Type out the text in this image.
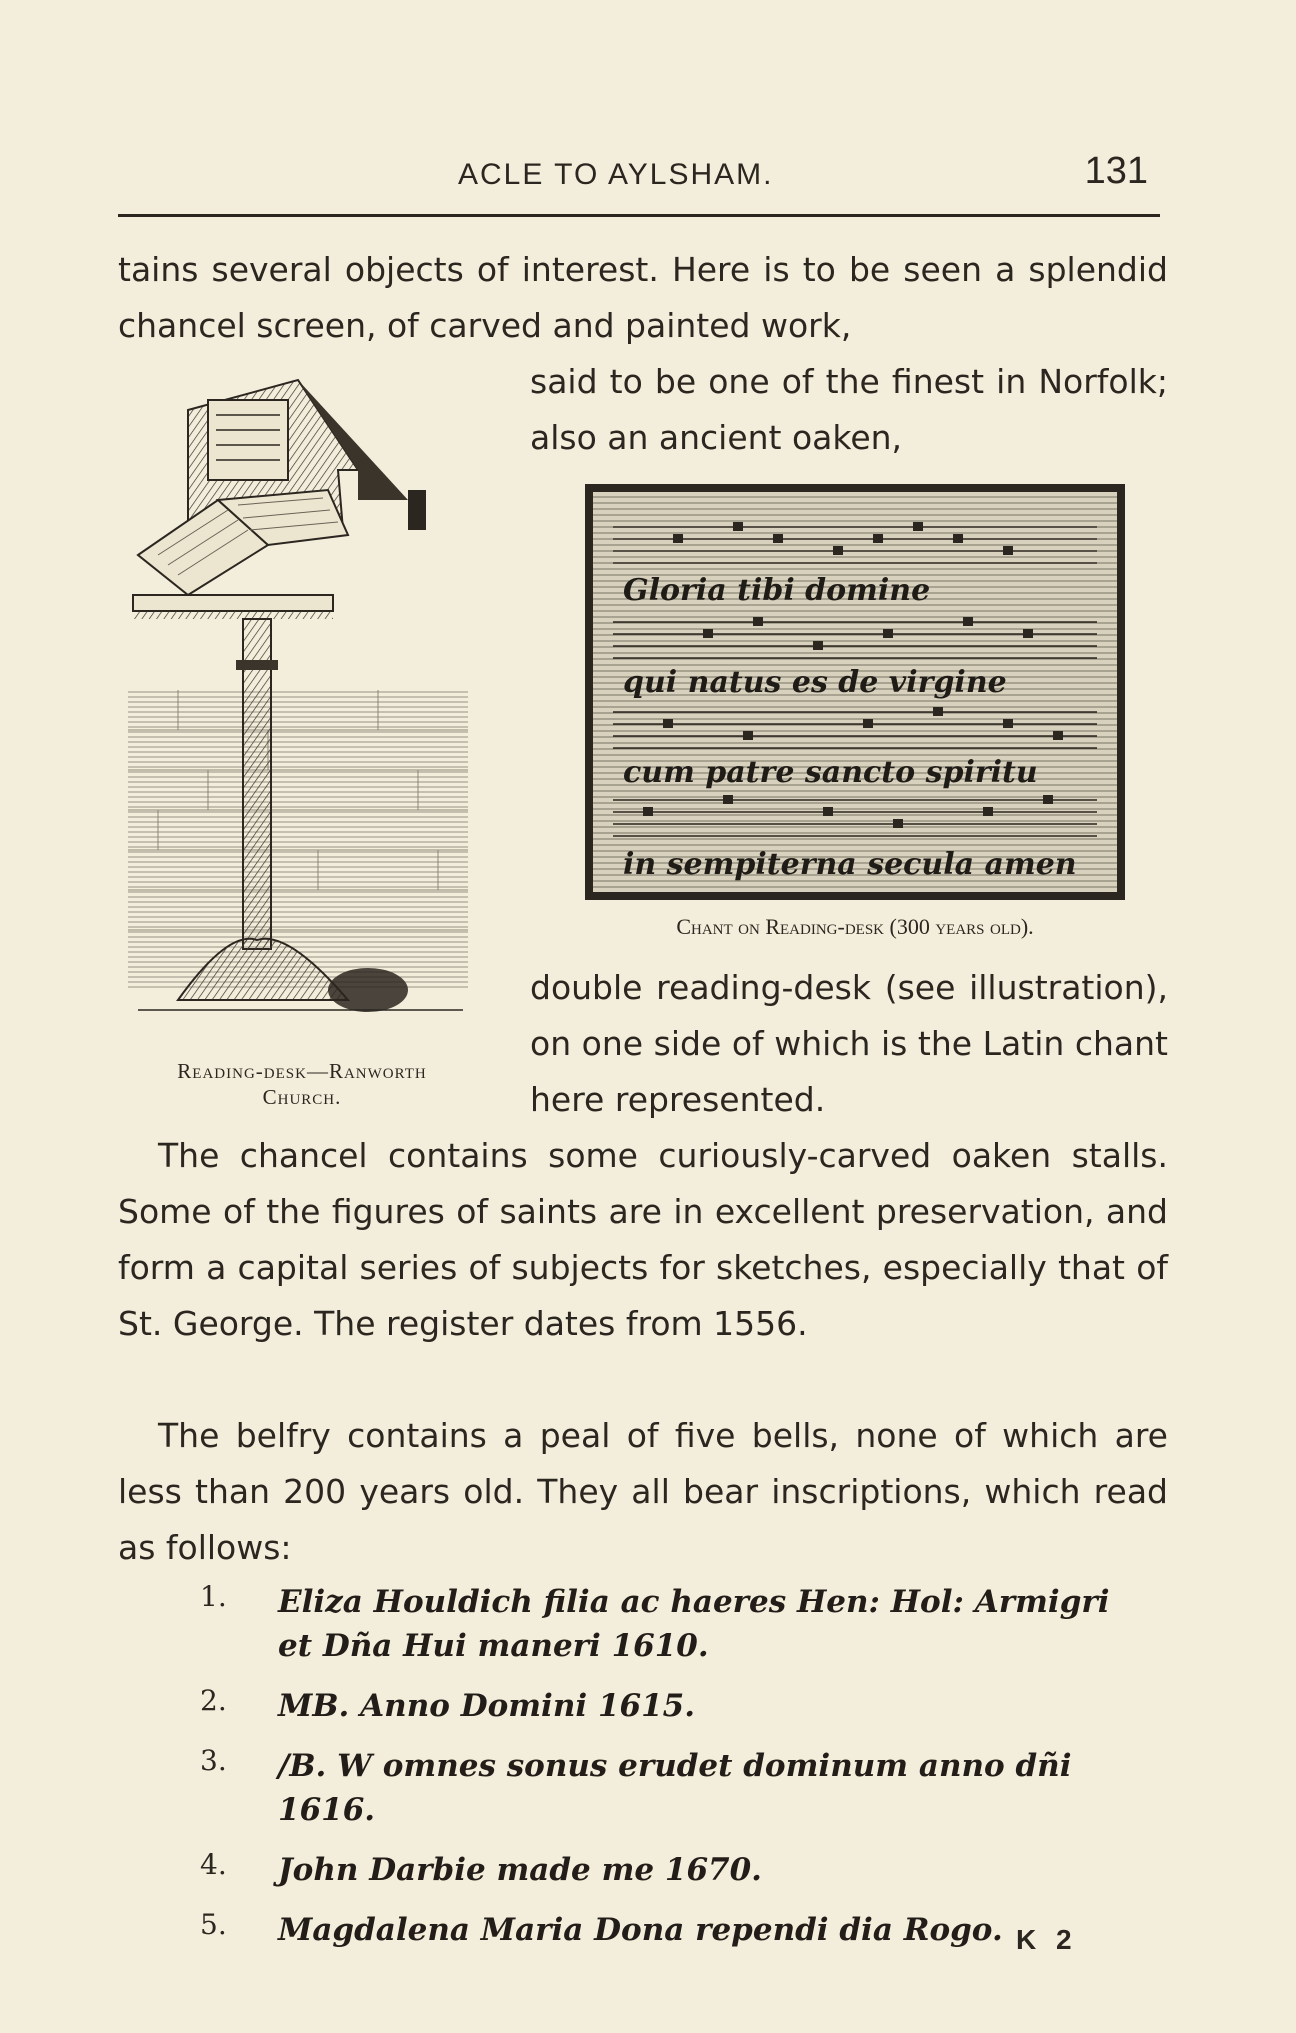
ACLE TO AYLSHAM.	131
tains several objects of interest. Here is to be seen a splendid chancel screen, of carved and painted work,
said to be one of the finest in Norfolk; also an ancient oaken,
Reading-desk—Ranworth
Church.
Gloria tibi domine
qui natus es de virgine
cum patre sancto spiritu
in sempiterna secula amen
Chant on Reading-desk (300 years old).
double reading-desk (see illustration), on one side of which is the Latin chant here represented.
The chancel contains some curiously-carved oaken stalls. Some of the figures of saints are in excellent preservation, and form a capital series of subjects for sketches, especially that of St. George. The register dates from 1556.
The belfry contains a peal of five bells, none of which are less than 200 years old. They all bear inscriptions, which read as follows:
1. Eliza Houldich filia ac haeres Hen: Hol: Armigri et Dña Hui maneri 1610.
2. MB. Anno Domini 1615.
3. /B. W omnes sonus erudet dominum anno dñi 1616.
4. John Darbie made me 1670.
5. Magdalena Maria Dona rependi dia Rogo. K 2
